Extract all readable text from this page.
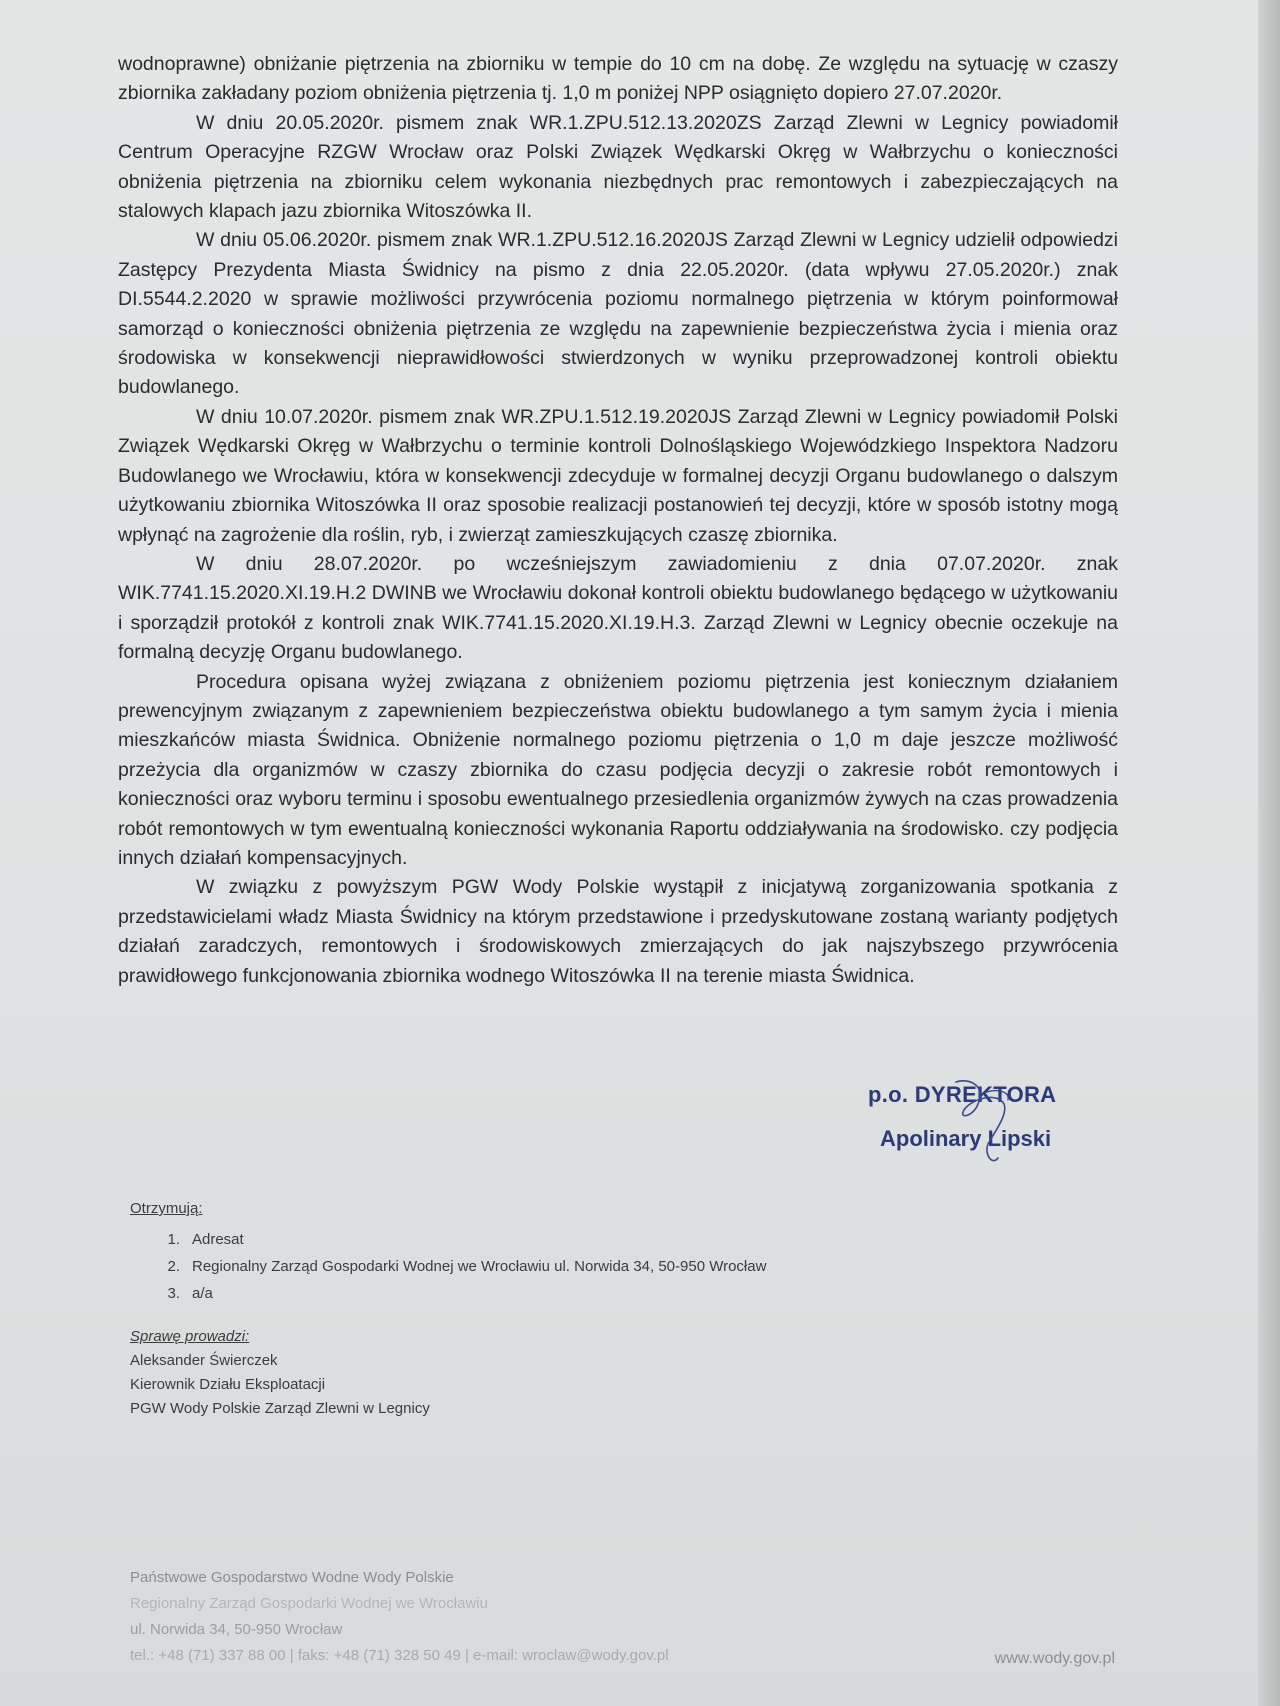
wodnoprawne) obniżanie piętrzenia na zbiorniku w tempie do 10 cm na dobę. Ze względu na sytuację w czaszy zbiornika zakładany poziom obniżenia piętrzenia tj. 1,0 m poniżej NPP osiągnięto dopiero 27.07.2020r.

W dniu 20.05.2020r. pismem znak WR.1.ZPU.512.13.2020ZS Zarząd Zlewni w Legnicy powiadomił Centrum Operacyjne RZGW Wrocław oraz Polski Związek Wędkarski Okręg w Wałbrzychu o konieczności obniżenia piętrzenia na zbiorniku celem wykonania niezbędnych prac remontowych i zabezpieczających na stalowych klapach jazu zbiornika Witoszówka II.

W dniu 05.06.2020r. pismem znak WR.1.ZPU.512.16.2020JS Zarząd Zlewni w Legnicy udzielił odpowiedzi Zastępcy Prezydenta Miasta Świdnicy na pismo z dnia 22.05.2020r. (data wpływu 27.05.2020r.) znak DI.5544.2.2020 w sprawie możliwości przywrócenia poziomu normalnego piętrzenia w którym poinformował samorząd o konieczności obniżenia piętrzenia ze względu na zapewnienie bezpieczeństwa życia i mienia oraz środowiska w konsekwencji nieprawidłowości stwierdzonych w wyniku przeprowadzonej kontroli obiektu budowlanego.

W dniu 10.07.2020r. pismem znak WR.ZPU.1.512.19.2020JS Zarząd Zlewni w Legnicy powiadomił Polski Związek Wędkarski Okręg w Wałbrzychu o terminie kontroli Dolnośląskiego Wojewódzkiego Inspektora Nadzoru Budowlanego we Wrocławiu, która w konsekwencji zdecyduje w formalnej decyzji Organu budowlanego o dalszym użytkowaniu zbiornika Witoszówka II oraz sposobie realizacji postanowień tej decyzji, które w sposób istotny mogą wpłynąć na zagrożenie dla roślin, ryb, i zwierząt zamieszkujących czaszę zbiornika.

W dniu 28.07.2020r. po wcześniejszym zawiadomieniu z dnia 07.07.2020r. znak WIK.7741.15.2020.XI.19.H.2 DWINB we Wrocławiu dokonał kontroli obiektu budowlanego będącego w użytkowaniu i sporządził protokół z kontroli znak WIK.7741.15.2020.XI.19.H.3. Zarząd Zlewni w Legnicy obecnie oczekuje na formalną decyzję Organu budowlanego.

Procedura opisana wyżej związana z obniżeniem poziomu piętrzenia jest koniecznym działaniem prewencyjnym związanym z zapewnieniem bezpieczeństwa obiektu budowlanego a tym samym życia i mienia mieszkańców miasta Świdnica. Obniżenie normalnego poziomu piętrzenia o 1,0 m daje jeszcze możliwość przeżycia dla organizmów w czaszy zbiornika do czasu podjęcia decyzji o zakresie robót remontowych i konieczności oraz wyboru terminu i sposobu ewentualnego przesiedlenia organizmów żywych na czas prowadzenia robót remontowych w tym ewentualną konieczności wykonania Raportu oddziaływania na środowisko. czy podjęcia innych działań kompensacyjnych.

W związku z powyższym PGW Wody Polskie wystąpił z inicjatywą zorganizowania spotkania z przedstawicielami władz Miasta Świdnicy na którym przedstawione i przedyskutowane zostaną warianty podjętych działań zaradczych, remontowych i środowiskowych zmierzających do jak najszybszego przywrócenia prawidłowego funkcjonowania zbiornika wodnego Witoszówka II na terenie miasta Świdnica.

p.o. DYREKTORA
Apolinary Lipski
Otrzymują:
1. Adresat
2. Regionalny Zarząd Gospodarki Wodnej we Wrocławiu ul. Norwida 34, 50-950 Wrocław
3. a/a
Sprawę prowadzi:
Aleksander Świerczek
Kierownik Działu Eksploatacji
PGW Wody Polskie Zarząd Zlewni w Legnicy
Państwowe Gospodarstwo Wodne Wody Polskie
Regionalny Zarząd Gospodarki Wodnej we Wrocławiu
ul. Norwida 34, 50-950 Wrocław
tel.: +48 (71) 337 88 00 | faks: +48 (71) 328 50 49 | e-mail: wroclaw@wody.gov.pl	www.wody.gov.pl
